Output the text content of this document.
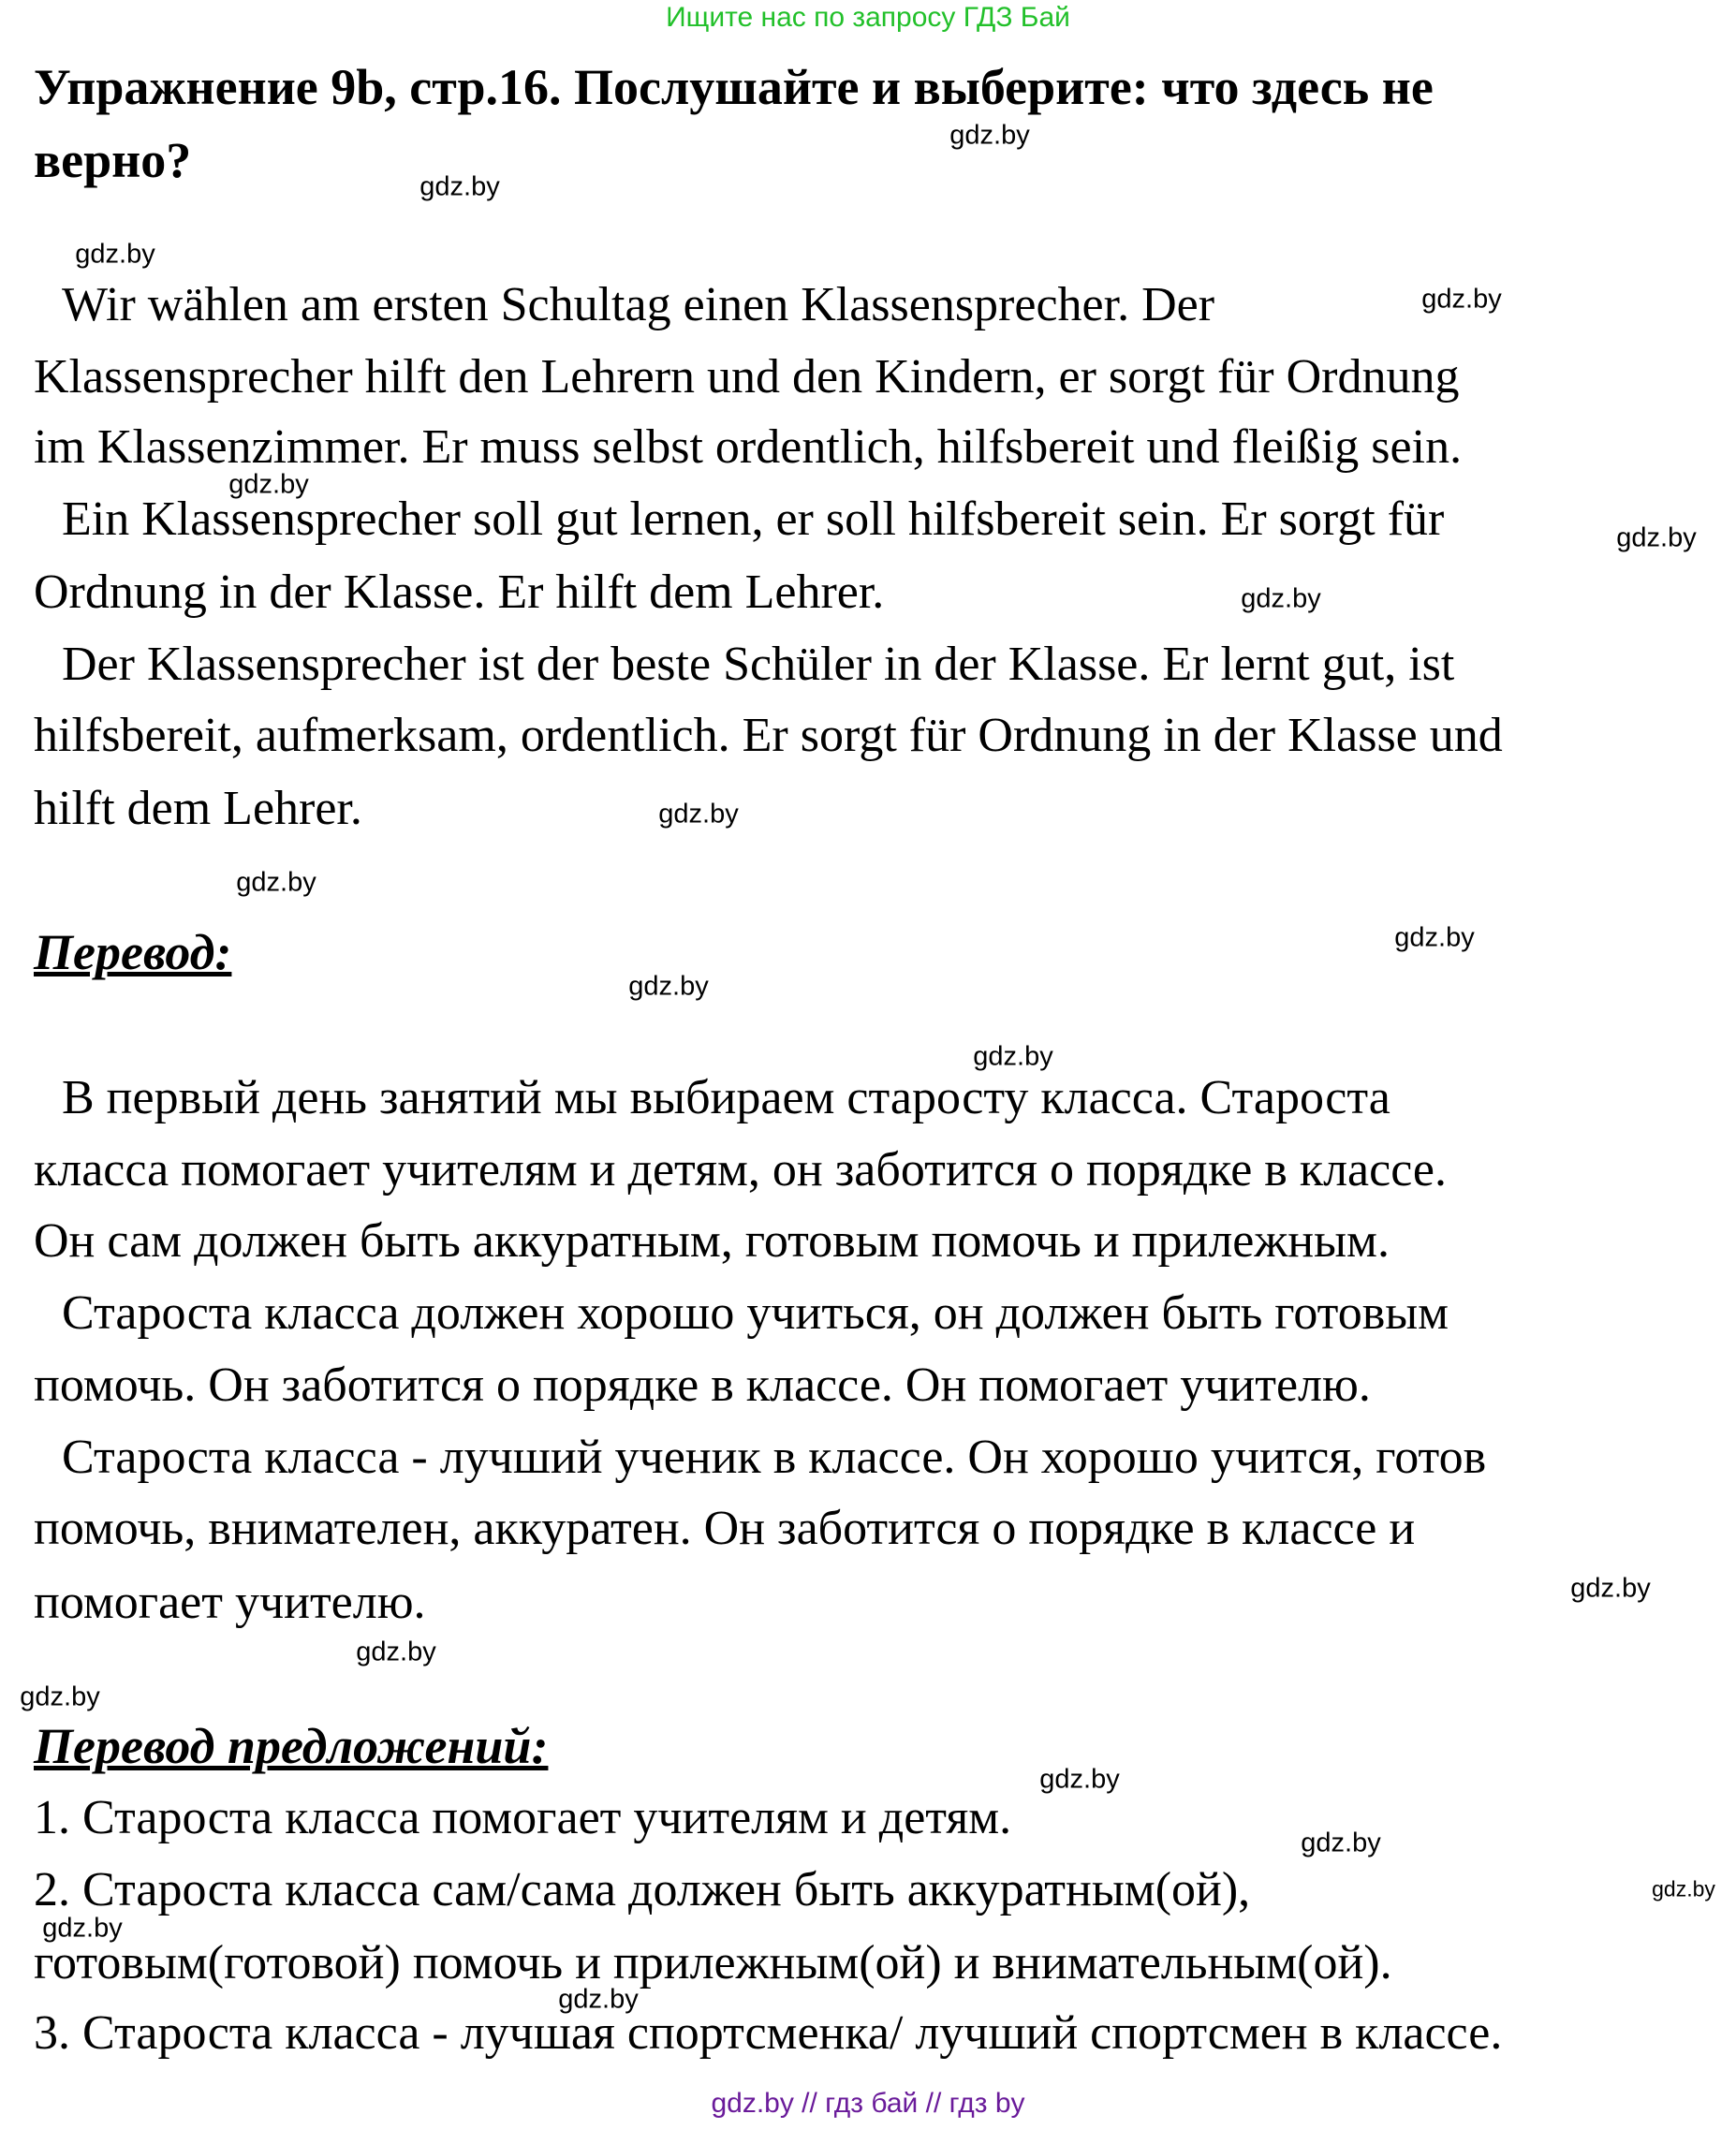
Ищите нас по запросу ГДЗ Бай
Упражнение 9b, стр.16. Послушайте и выберите: что здесь не
верно?
Wir wählen am ersten Schultag einen Klassensprecher. Der
Klassensprecher hilft den Lehrern und den Kindern, er sorgt für Ordnung
im Klassenzimmer. Er muss selbst ordentlich, hilfsbereit und fleißig sein.
Ein Klassensprecher soll gut lernen, er soll hilfsbereit sein. Er sorgt für
Ordnung in der Klasse. Er hilft dem Lehrer.
Der Klassensprecher ist der beste Schüler in der Klasse. Er lernt gut, ist
hilfsbereit, aufmerksam, ordentlich. Er sorgt für Ordnung in der Klasse und
hilft dem Lehrer.
Перевод:
В первый день занятий мы выбираем старосту класса. Староста
класса помогает учителям и детям, он заботится о порядке в классе.
Он сам должен быть аккуратным, готовым помочь и прилежным.
Староста класса должен хорошо учиться, он должен быть готовым
помочь. Он заботится о порядке в классе. Он помогает учителю.
Староста класса - лучший ученик в классе. Он хорошо учится, готов
помочь, внимателен, аккуратен. Он заботится о порядке в классе и
помогает учителю.
Перевод предложений:
1. Староста класса помогает учителям и детям.
2. Староста класса сам/сама должен быть аккуратным(ой),
готовым(готовой) помочь и прилежным(ой) и внимательным(ой).
3. Староста класса - лучшая спортсменка/ лучший спортсмен в классе.
gdz.by
gdz.by
gdz.by
gdz.by
gdz.by
gdz.by
gdz.by
gdz.by
gdz.by
gdz.by
gdz.by
gdz.by
gdz.by
gdz.by
gdz.by
gdz.by
gdz.by
gdz.by
gdz.by
gdz.by
gdz.by // гдз бай // гдз by
